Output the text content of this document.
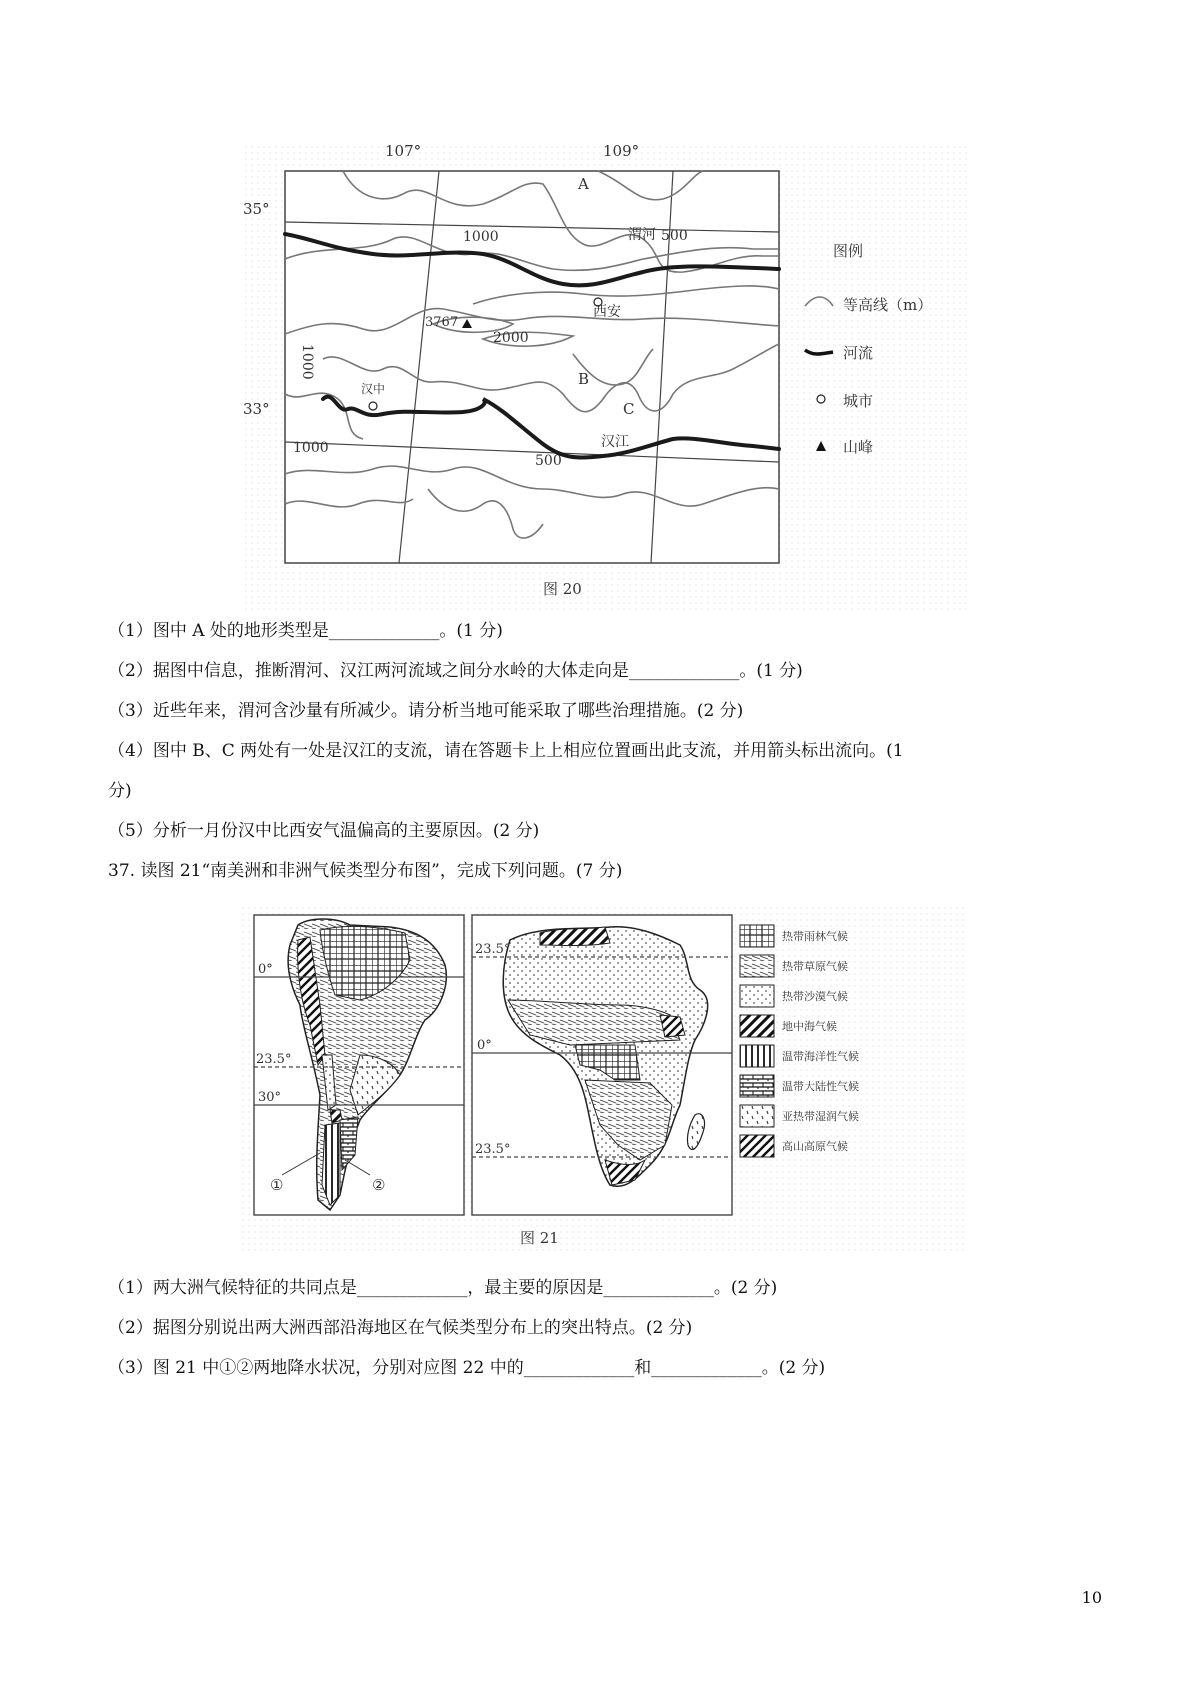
500
1000
2000
1000
500
1000
3767
A
B
C
渭河
汉江
西安
汉中
107°	109°
35°
33°
图例
等高线（m）
河流
城市
山峰
图 20
（1）图中 A 处的地形类型是_____________。(1 分)
（2）据图中信息，推断渭河、汉江两河流域之间分水岭的大体走向是_____________。(1 分)
（3）近些年来，渭河含沙量有所减少。请分析当地可能采取了哪些治理措施。(2 分)
（4）图中 B、C 两处有一处是汉江的支流，请在答题卡上上相应位置画出此支流，并用箭头标出流向。(1
分)
（5）分析一月份汉中比西安气温偏高的主要原因。(2 分)
37. 读图 21“南美洲和非洲气候类型分布图”，完成下列问题。(7 分)
0°
23.5°
30°
①	②
23.5°
0°
23.5°
热带雨林气候
热带草原气候
热带沙漠气候
地中海气候
温带海洋性气候
温带大陆性气候
亚热带湿润气候
高山高原气候
图 21
（1）两大洲气候特征的共同点是_____________，最主要的原因是_____________。(2 分)
（2）据图分别说出两大洲西部沿海地区在气候类型分布上的突出特点。(2 分)
（3）图 21 中①②两地降水状况，分别对应图 22 中的_____________和_____________。(2 分)
10
